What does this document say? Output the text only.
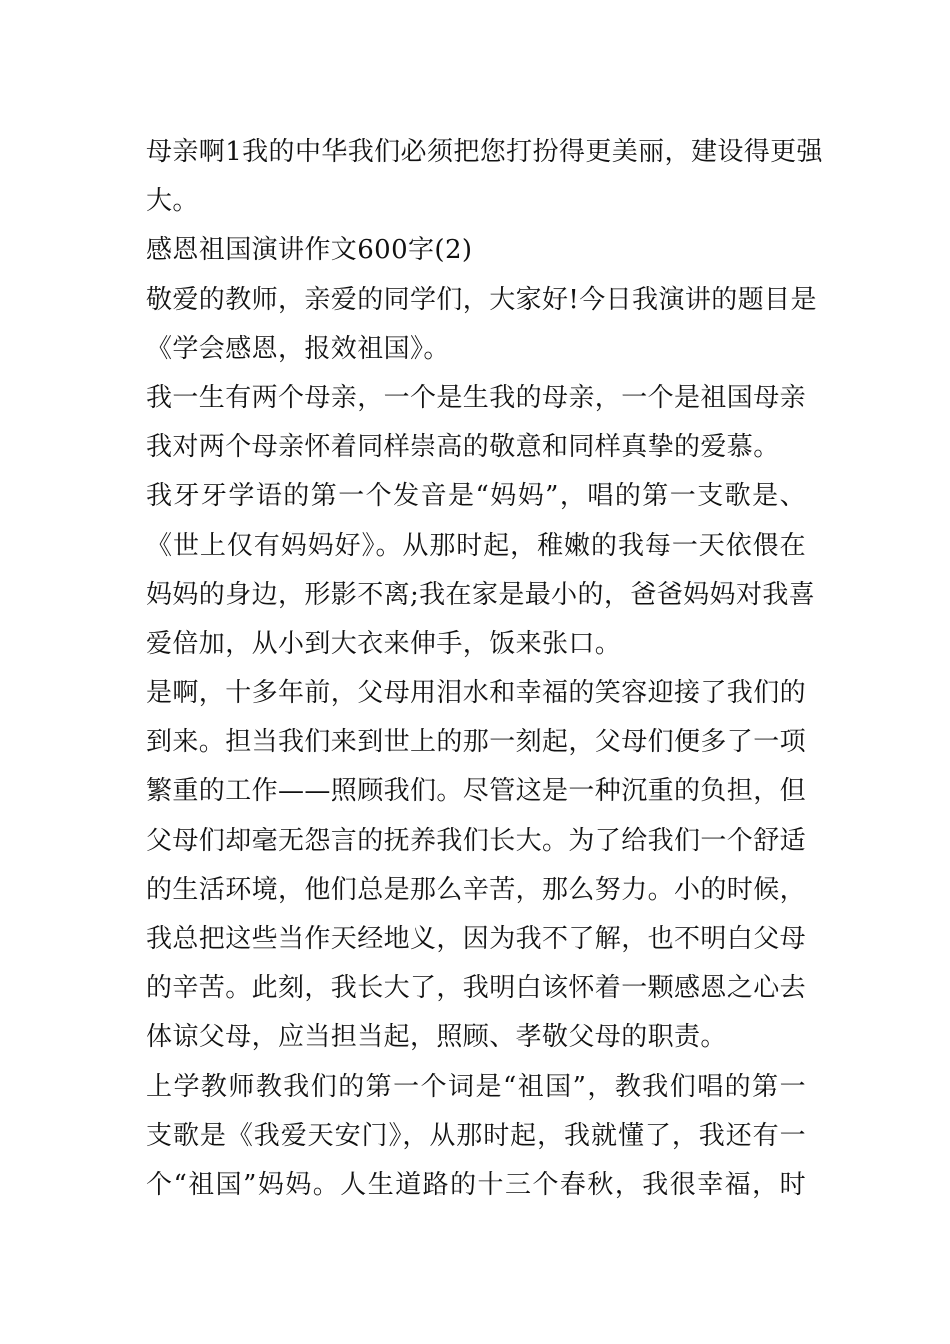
母亲啊1我的中华我们必须把您打扮得更美丽，建设得更强

大。

感恩祖国演讲作文600字(2)

敬爱的教师，亲爱的同学们，大家好!今日我演讲的题目是

《学会感恩，报效祖国》。

我一生有两个母亲，一个是生我的母亲，一个是祖国母亲

我对两个母亲怀着同样崇高的敬意和同样真挚的爱慕。

我牙牙学语的第一个发音是“妈妈”，唱的第一支歌是、

《世上仅有妈妈好》。从那时起，稚嫩的我每一天依偎在

妈妈的身边，形影不离;我在家是最小的，爸爸妈妈对我喜

爱倍加，从小到大衣来伸手，饭来张口。

是啊，十多年前，父母用泪水和幸福的笑容迎接了我们的

到来。担当我们来到世上的那一刻起，父母们便多了一项

繁重的工作——照顾我们。尽管这是一种沉重的负担，但

父母们却毫无怨言的抚养我们长大。为了给我们一个舒适

的生活环境，他们总是那么辛苦，那么努力。小的时候，

我总把这些当作天经地义，因为我不了解，也不明白父母

的辛苦。此刻，我长大了，我明白该怀着一颗感恩之心去

体谅父母，应当担当起，照顾、孝敬父母的职责。

上学教师教我们的第一个词是“祖国”，教我们唱的第一

支歌是《我爱天安门》，从那时起，我就懂了，我还有一

个“祖国”妈妈。人生道路的十三个春秋，我很幸福，时
